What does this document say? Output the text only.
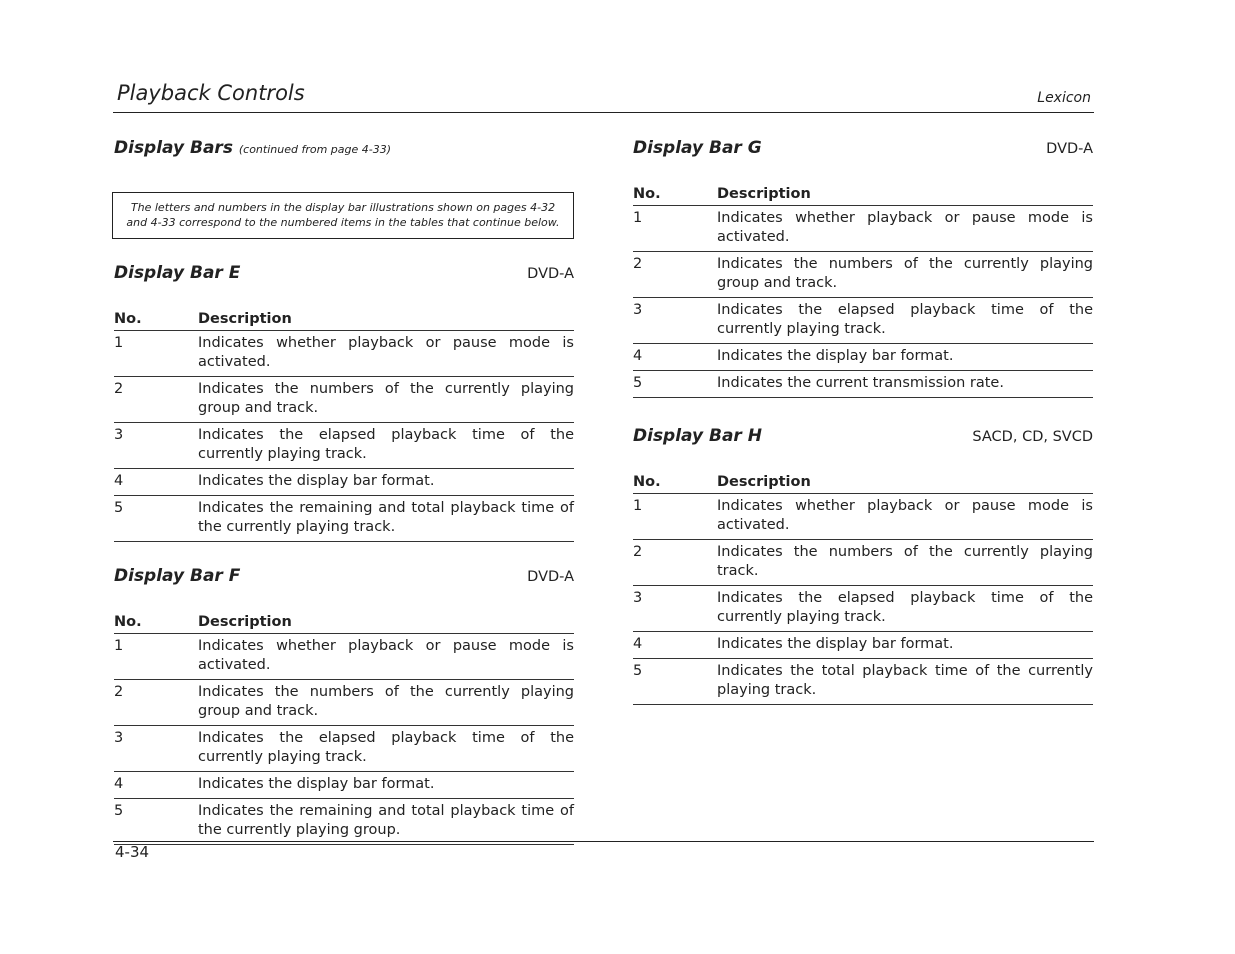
Playback Controls	Lexicon
Display Bars (continued from page 4-33)
The letters and numbers in the display bar illustrations shown on pages 4-32 and 4-33 correspond to the numbered items in the tables that continue below.
Display Bar E	DVD-A
No.	Description
1	Indicates whether playback or pause mode is activated.
2	Indicates the numbers of the currently playing group and track.
3	Indicates the elapsed playback time of the currently playing track.
4	Indicates the display bar format.
5	Indicates the remaining and total playback time of the currently playing track.
Display Bar F	DVD-A
No.	Description
1	Indicates whether playback or pause mode is activated.
2	Indicates the numbers of the currently playing group and track.
3	Indicates the elapsed playback time of the currently playing track.
4	Indicates the display bar format.
5	Indicates the remaining and total playback time of the currently playing group.
Display Bar G	DVD-A
No.	Description
1	Indicates whether playback or pause mode is activated.
2	Indicates the numbers of the currently playing group and track.
3	Indicates the elapsed playback time of the currently playing track.
4	Indicates the display bar format.
5	Indicates the current transmission rate.
Display Bar H	SACD, CD, SVCD
No.	Description
1	Indicates whether playback or pause mode is activated.
2	Indicates the numbers of the currently playing track.
3	Indicates the elapsed playback time of the currently playing track.
4	Indicates the display bar format.
5	Indicates the total playback time of the currently playing track.
4-34
